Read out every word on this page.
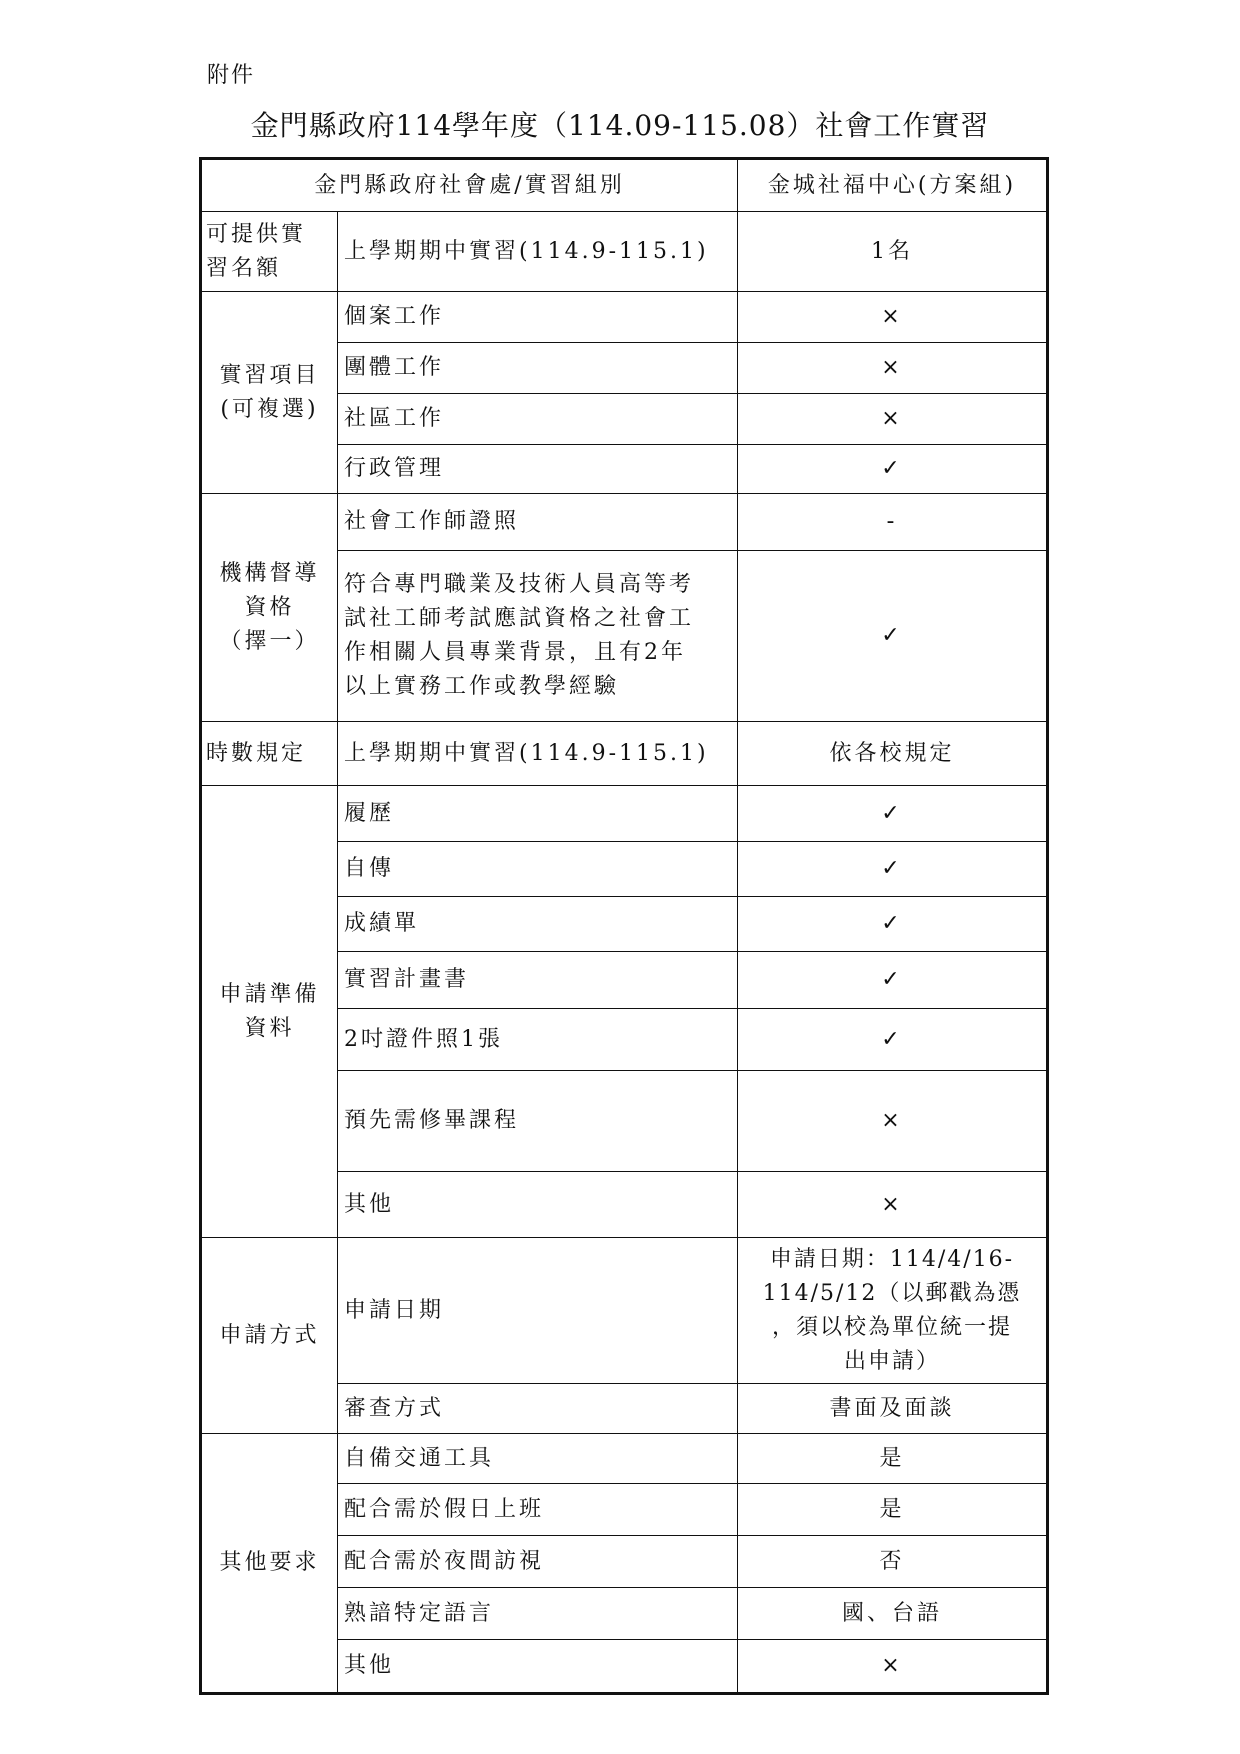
附件
金門縣政府114學年度（114.09-115.08）社會工作實習
金門縣政府社會處/實習組別		金城社福中心(方案組)
可提供實
習名額	上學期期中實習(114.9-115.1)	1名
實習項目
(可複選)	個案工作	×
	團體工作	×
	社區工作	×
	行政管理	✓
機構督導
資格
（擇一）	社會工作師證照	-
	符合專門職業及技術人員高等考
試社工師考試應試資格之社會工
作相關人員專業背景，且有2年
以上實務工作或教學經驗	✓
時數規定	上學期期中實習(114.9-115.1)	依各校規定
申請準備
資料	履歷	✓
	自傳	✓
	成績單	✓
	實習計畫書	✓
	2吋證件照1張	✓
	預先需修畢課程	×
	其他	×
申請方式	申請日期	申請日期：114/4/16-
114/5/12（以郵戳為憑
，須以校為單位統一提
出申請）
	審查方式	書面及面談
其他要求	自備交通工具	是
	配合需於假日上班	是
	配合需於夜間訪視	否
	熟諳特定語言	國、台語
	其他	×
